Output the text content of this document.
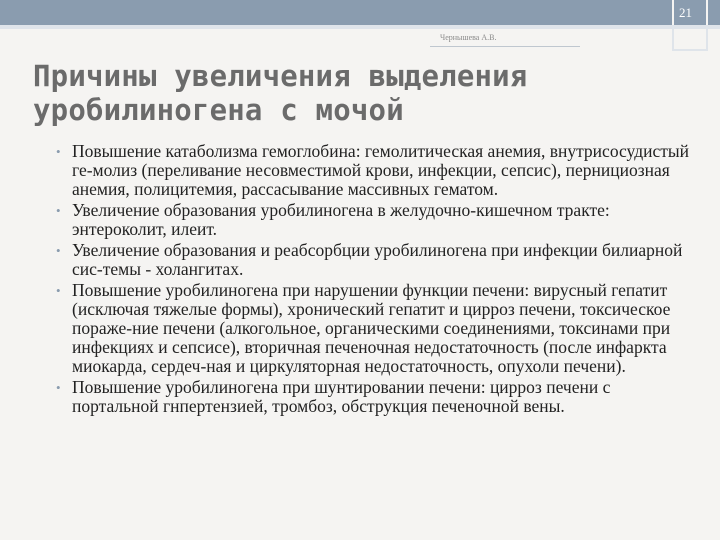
21
Чернышева А.В.
Причины увеличения выделения
уробилиногена с мочой
• Повышение катаболизма гемоглобина: гемолитическая анемия, внутрисосудистый ге-молиз (переливание несовместимой крови, инфекции, сепсис), пернициозная анемия, полицитемия, рассасывание массивных гематом.
• Увеличение образования уробилиногена в желудочно-кишечном тракте: энтероколит, илеит.
• Увеличение образования и реабсорбции уробилиногена при инфекции билиарной сис-темы - холангитах.
• Повышение уробилиногена при нарушении функции печени: вирусный гепатит (исключая тяжелые формы), хронический гепатит и цирроз печени, токсическое пораже-ние печени (алкогольное, органическими соединениями, токсинами при инфекциях и сепсисе), вторичная печеночная недостаточность (после инфаркта миокарда, сердеч-ная и циркуляторная недостаточность, опухоли печени).
• Повышение уробилиногена при шунтировании печени: цирроз печени с портальной гнпертензией, тромбоз, обструкция печеночной вены.
